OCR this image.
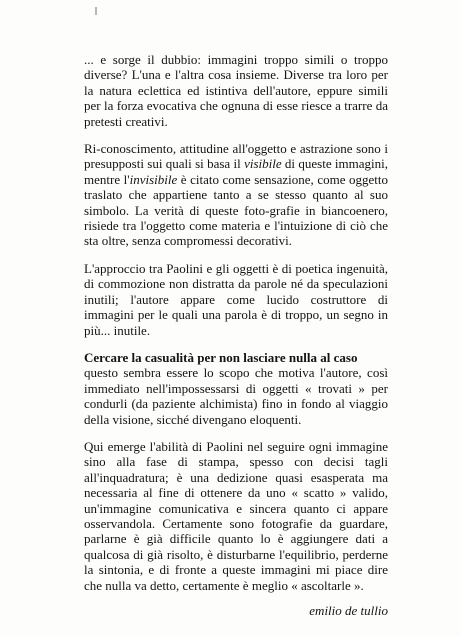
... e sorge il dubbio: immagini troppo simili o troppo diverse? L'una e l'altra cosa insieme. Diverse tra loro per la natura eclettica ed istintiva dell'autore, eppure simili per la forza evocativa che ognuna di esse riesce a trarre da pretesti creativi.

Ri-conoscimento, attitudine all'oggetto e astrazione sono i presupposti sui quali si basa il visibile di queste immagini, mentre l'invisibile è citato come sensazione, come oggetto traslato che appartiene tanto a se stesso quanto al suo simbolo. La verità di queste foto-grafie in biancoenero, risiede tra l'oggetto come materia e l'intuizione di ciò che sta oltre, senza compromessi decorativi.

L'approccio tra Paolini e gli oggetti è di poetica ingenuità, di commozione non distratta da parole né da speculazioni inutili; l'autore appare come lucido costruttore di immagini per le quali una parola è di troppo, un segno in più... inutile.

Cercare la casualità per non lasciare nulla al caso
questo sembra essere lo scopo che motiva l'autore, così immediato nell'impossessarsi di oggetti « trovati » per condurli (da paziente alchimista) fino in fondo al viaggio della visione, sicché divengano eloquenti.

Qui emerge l'abilità di Paolini nel seguire ogni immagine sino alla fase di stampa, spesso con decisi tagli all'inquadratura; è una dedizione quasi esasperata ma necessaria al fine di ottenere da uno « scatto » valido, un'immagine comunicativa e sincera quanto ci appare osservandola. Certamente sono fotografie da guardare, parlarne è già difficile quanto lo è aggiungere dati a qualcosa di già risolto, è disturbarne l'equilibrio, perderne la sintonia, e di fronte a queste immagini mi piace dire che nulla va detto, certamente è meglio « ascoltarle ».

emilio de tullio
